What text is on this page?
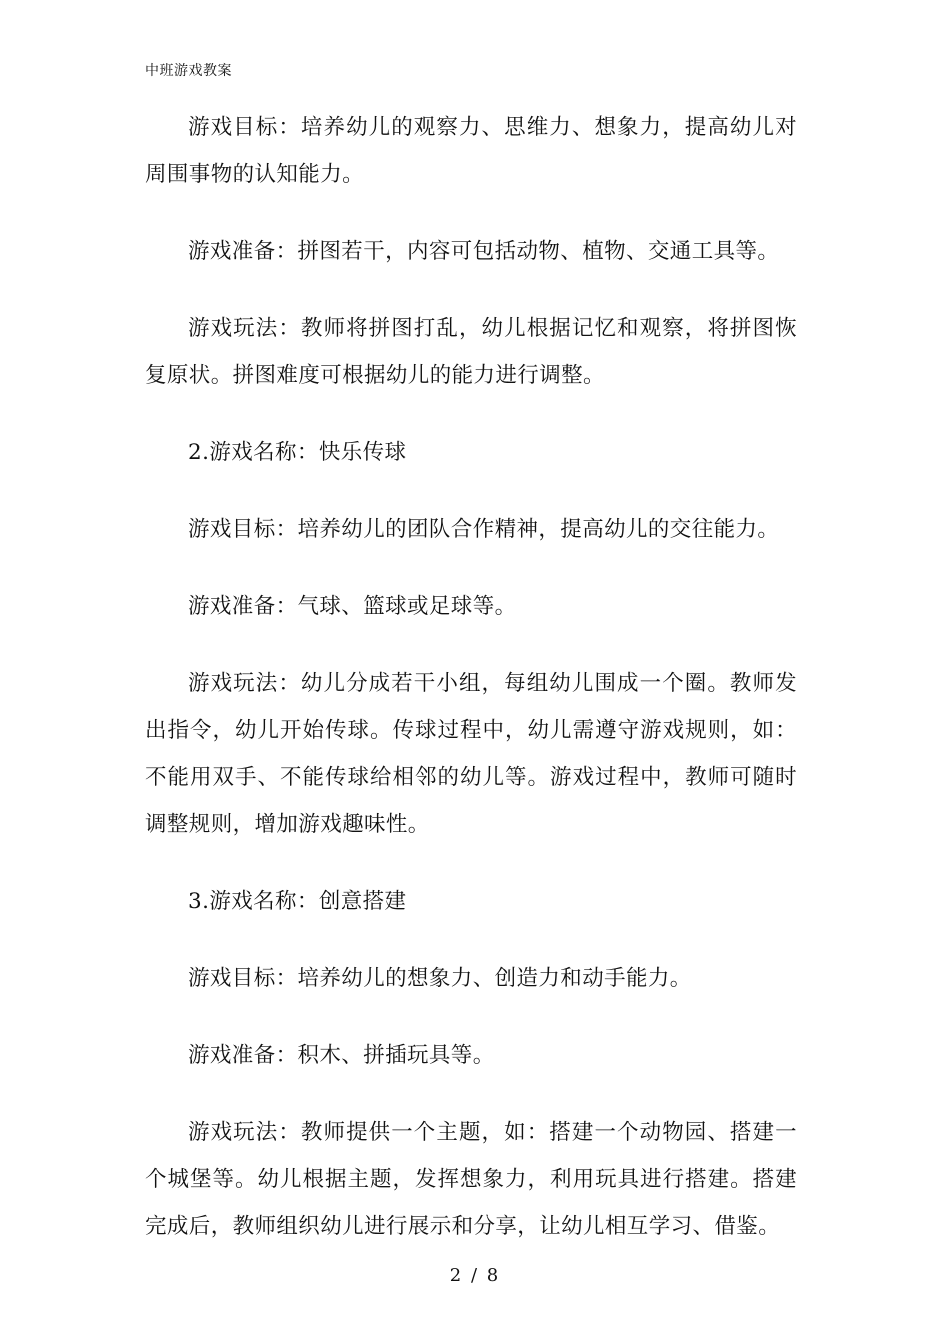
中班游戏教案

游戏目标：培养幼儿的观察力、思维力、想象力，提高幼儿对周围事物的认知能力。

游戏准备：拼图若干，内容可包括动物、植物、交通工具等。

游戏玩法：教师将拼图打乱，幼儿根据记忆和观察，将拼图恢复原状。拼图难度可根据幼儿的能力进行调整。

2.游戏名称：快乐传球

游戏目标：培养幼儿的团队合作精神，提高幼儿的交往能力。

游戏准备：气球、篮球或足球等。

游戏玩法：幼儿分成若干小组，每组幼儿围成一个圈。教师发出指令，幼儿开始传球。传球过程中，幼儿需遵守游戏规则，如：不能用双手、不能传球给相邻的幼儿等。游戏过程中，教师可随时调整规则，增加游戏趣味性。

3.游戏名称：创意搭建

游戏目标：培养幼儿的想象力、创造力和动手能力。

游戏准备：积木、拼插玩具等。

游戏玩法：教师提供一个主题，如：搭建一个动物园、搭建一个城堡等。幼儿根据主题，发挥想象力，利用玩具进行搭建。搭建完成后，教师组织幼儿进行展示和分享，让幼儿相互学习、借鉴。

2 / 8
